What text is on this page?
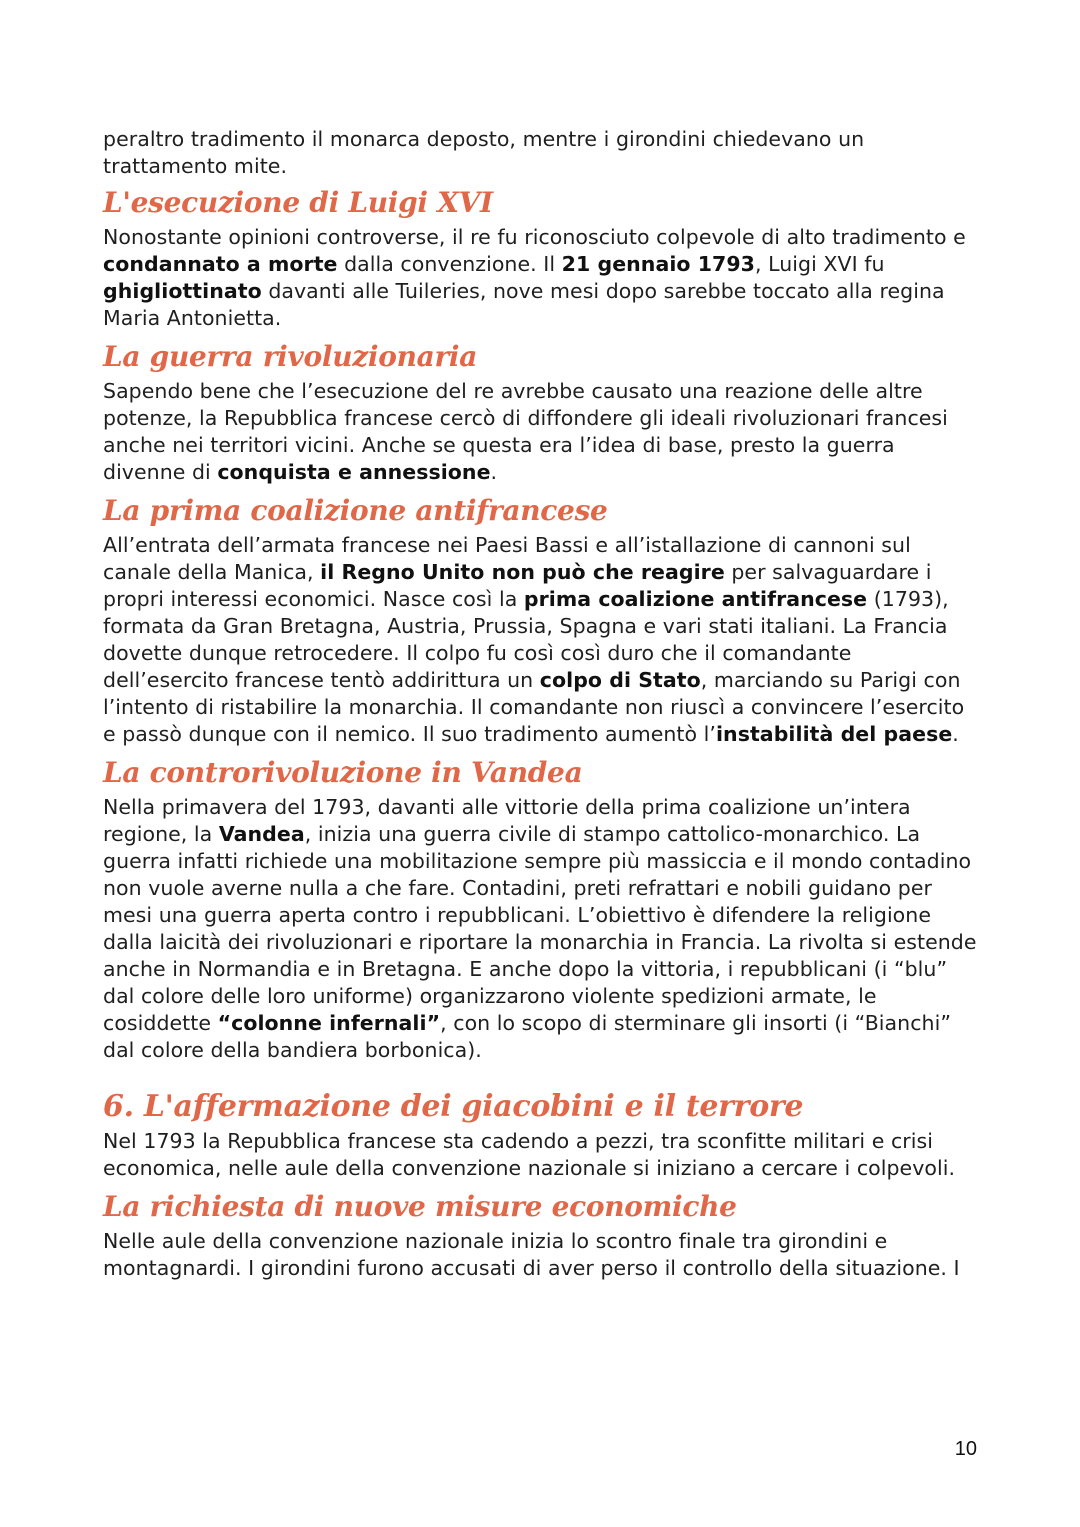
peraltro tradimento il monarca deposto, mentre i girondini chiedevano un trattamento mite.

L'esecuzione di Luigi XVI

Nonostante opinioni controverse, il re fu riconosciuto colpevole di alto tradimento e condannato a morte dalla convenzione. Il 21 gennaio 1793, Luigi XVI fu ghigliottinato davanti alle Tuileries, nove mesi dopo sarebbe toccato alla regina Maria Antonietta.

La guerra rivoluzionaria

Sapendo bene che l’esecuzione del re avrebbe causato una reazione delle altre potenze, la Repubblica francese cercò di diffondere gli ideali rivoluzionari francesi anche nei territori vicini. Anche se questa era l’idea di base, presto la guerra divenne di conquista e annessione.

La prima coalizione antifrancese

All’entrata dell’armata francese nei Paesi Bassi e all’istallazione di cannoni sul canale della Manica, il Regno Unito non può che reagire per salvaguardare i propri interessi economici. Nasce così la prima coalizione antifrancese (1793), formata da Gran Bretagna, Austria, Prussia, Spagna e vari stati italiani. La Francia dovette dunque retrocedere. Il colpo fu così così duro che il comandante dell’esercito francese tentò addirittura un colpo di Stato, marciando su Parigi con l’intento di ristabilire la monarchia. Il comandante non riuscì a convincere l’esercito e passò dunque con il nemico. Il suo tradimento aumentò l’instabilità del paese.

La controrivoluzione in Vandea

Nella primavera del 1793, davanti alle vittorie della prima coalizione un’intera regione, la Vandea, inizia una guerra civile di stampo cattolico-monarchico. La guerra infatti richiede una mobilitazione sempre più massiccia e il mondo contadino non vuole averne nulla a che fare. Contadini, preti refrattari e nobili guidano per mesi una guerra aperta contro i repubblicani. L’obiettivo è difendere la religione dalla laicità dei rivoluzionari e riportare la monarchia in Francia. La rivolta si estende anche in Normandia e in Bretagna. E anche dopo la vittoria, i repubblicani (i “blu” dal colore delle loro uniforme) organizzarono violente spedizioni armate, le cosiddette “colonne infernali”, con lo scopo di sterminare gli insorti (i “Bianchi” dal colore della bandiera borbonica).

6. L'affermazione dei giacobini e il terrore

Nel 1793 la Repubblica francese sta cadendo a pezzi, tra sconfitte militari e crisi economica, nelle aule della convenzione nazionale si iniziano a cercare i colpevoli.

La richiesta di nuove misure economiche

Nelle aule della convenzione nazionale inizia lo scontro finale tra girondini e montagnardi. I girondini furono accusati di aver perso il controllo della situazione. I

10
